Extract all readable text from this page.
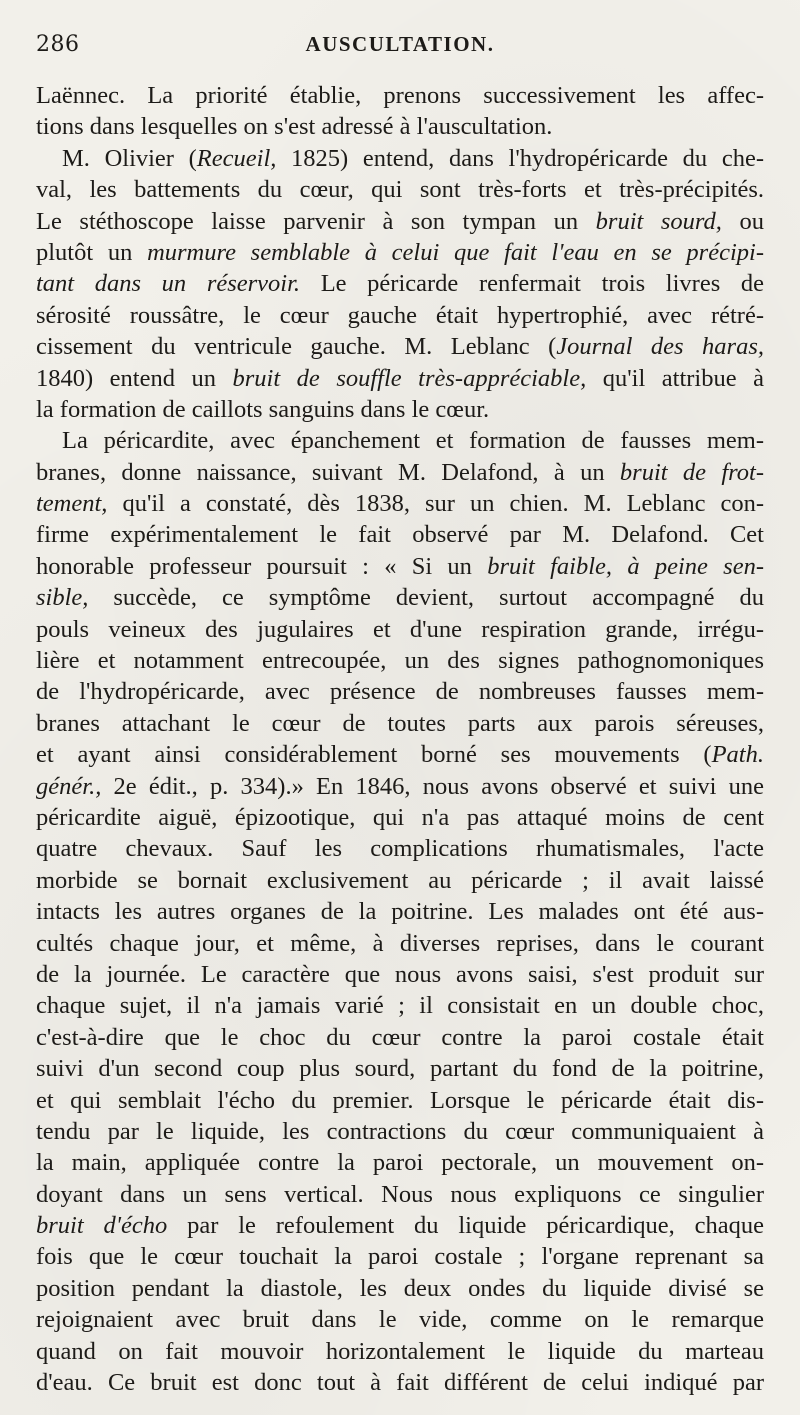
286	AUSCULTATION.
Laënnec. La priorité établie, prenons successivement les affec-
tions dans lesquelles on s'est adressé à l'auscultation.
M. Olivier (Recueil, 1825) entend, dans l'hydropéricarde du che-
val, les battements du cœur, qui sont très-forts et très-précipités.
Le stéthoscope laisse parvenir à son tympan un bruit sourd, ou
plutôt un murmure semblable à celui que fait l'eau en se précipi-
tant dans un réservoir. Le péricarde renfermait trois livres de
sérosité roussâtre, le cœur gauche était hypertrophié, avec rétré-
cissement du ventricule gauche. M. Leblanc (Journal des haras,
1840) entend un bruit de souffle très-appréciable, qu'il attribue à
la formation de caillots sanguins dans le cœur.
La péricardite, avec épanchement et formation de fausses mem-
branes, donne naissance, suivant M. Delafond, à un bruit de frot-
tement, qu'il a constaté, dès 1838, sur un chien. M. Leblanc con-
firme expérimentalement le fait observé par M. Delafond. Cet
honorable professeur poursuit : « Si un bruit faible, à peine sen-
sible, succède, ce symptôme devient, surtout accompagné du
pouls veineux des jugulaires et d'une respiration grande, irrégu-
lière et notamment entrecoupée, un des signes pathognomoniques
de l'hydropéricarde, avec présence de nombreuses fausses mem-
branes attachant le cœur de toutes parts aux parois séreuses,
et ayant ainsi considérablement borné ses mouvements (Path.
génér., 2e édit., p. 334).» En 1846, nous avons observé et suivi une
péricardite aiguë, épizootique, qui n'a pas attaqué moins de cent
quatre chevaux. Sauf les complications rhumatismales, l'acte
morbide se bornait exclusivement au péricarde ; il avait laissé
intacts les autres organes de la poitrine. Les malades ont été aus-
cultés chaque jour, et même, à diverses reprises, dans le courant
de la journée. Le caractère que nous avons saisi, s'est produit sur
chaque sujet, il n'a jamais varié ; il consistait en un double choc,
c'est-à-dire que le choc du cœur contre la paroi costale était
suivi d'un second coup plus sourd, partant du fond de la poitrine,
et qui semblait l'écho du premier. Lorsque le péricarde était dis-
tendu par le liquide, les contractions du cœur communiquaient à
la main, appliquée contre la paroi pectorale, un mouvement on-
doyant dans un sens vertical. Nous nous expliquons ce singulier
bruit d'écho par le refoulement du liquide péricardique, chaque
fois que le cœur touchait la paroi costale ; l'organe reprenant sa
position pendant la diastole, les deux ondes du liquide divisé se
rejoignaient avec bruit dans le vide, comme on le remarque
quand on fait mouvoir horizontalement le liquide du marteau
d'eau. Ce bruit est donc tout à fait différent de celui indiqué par
